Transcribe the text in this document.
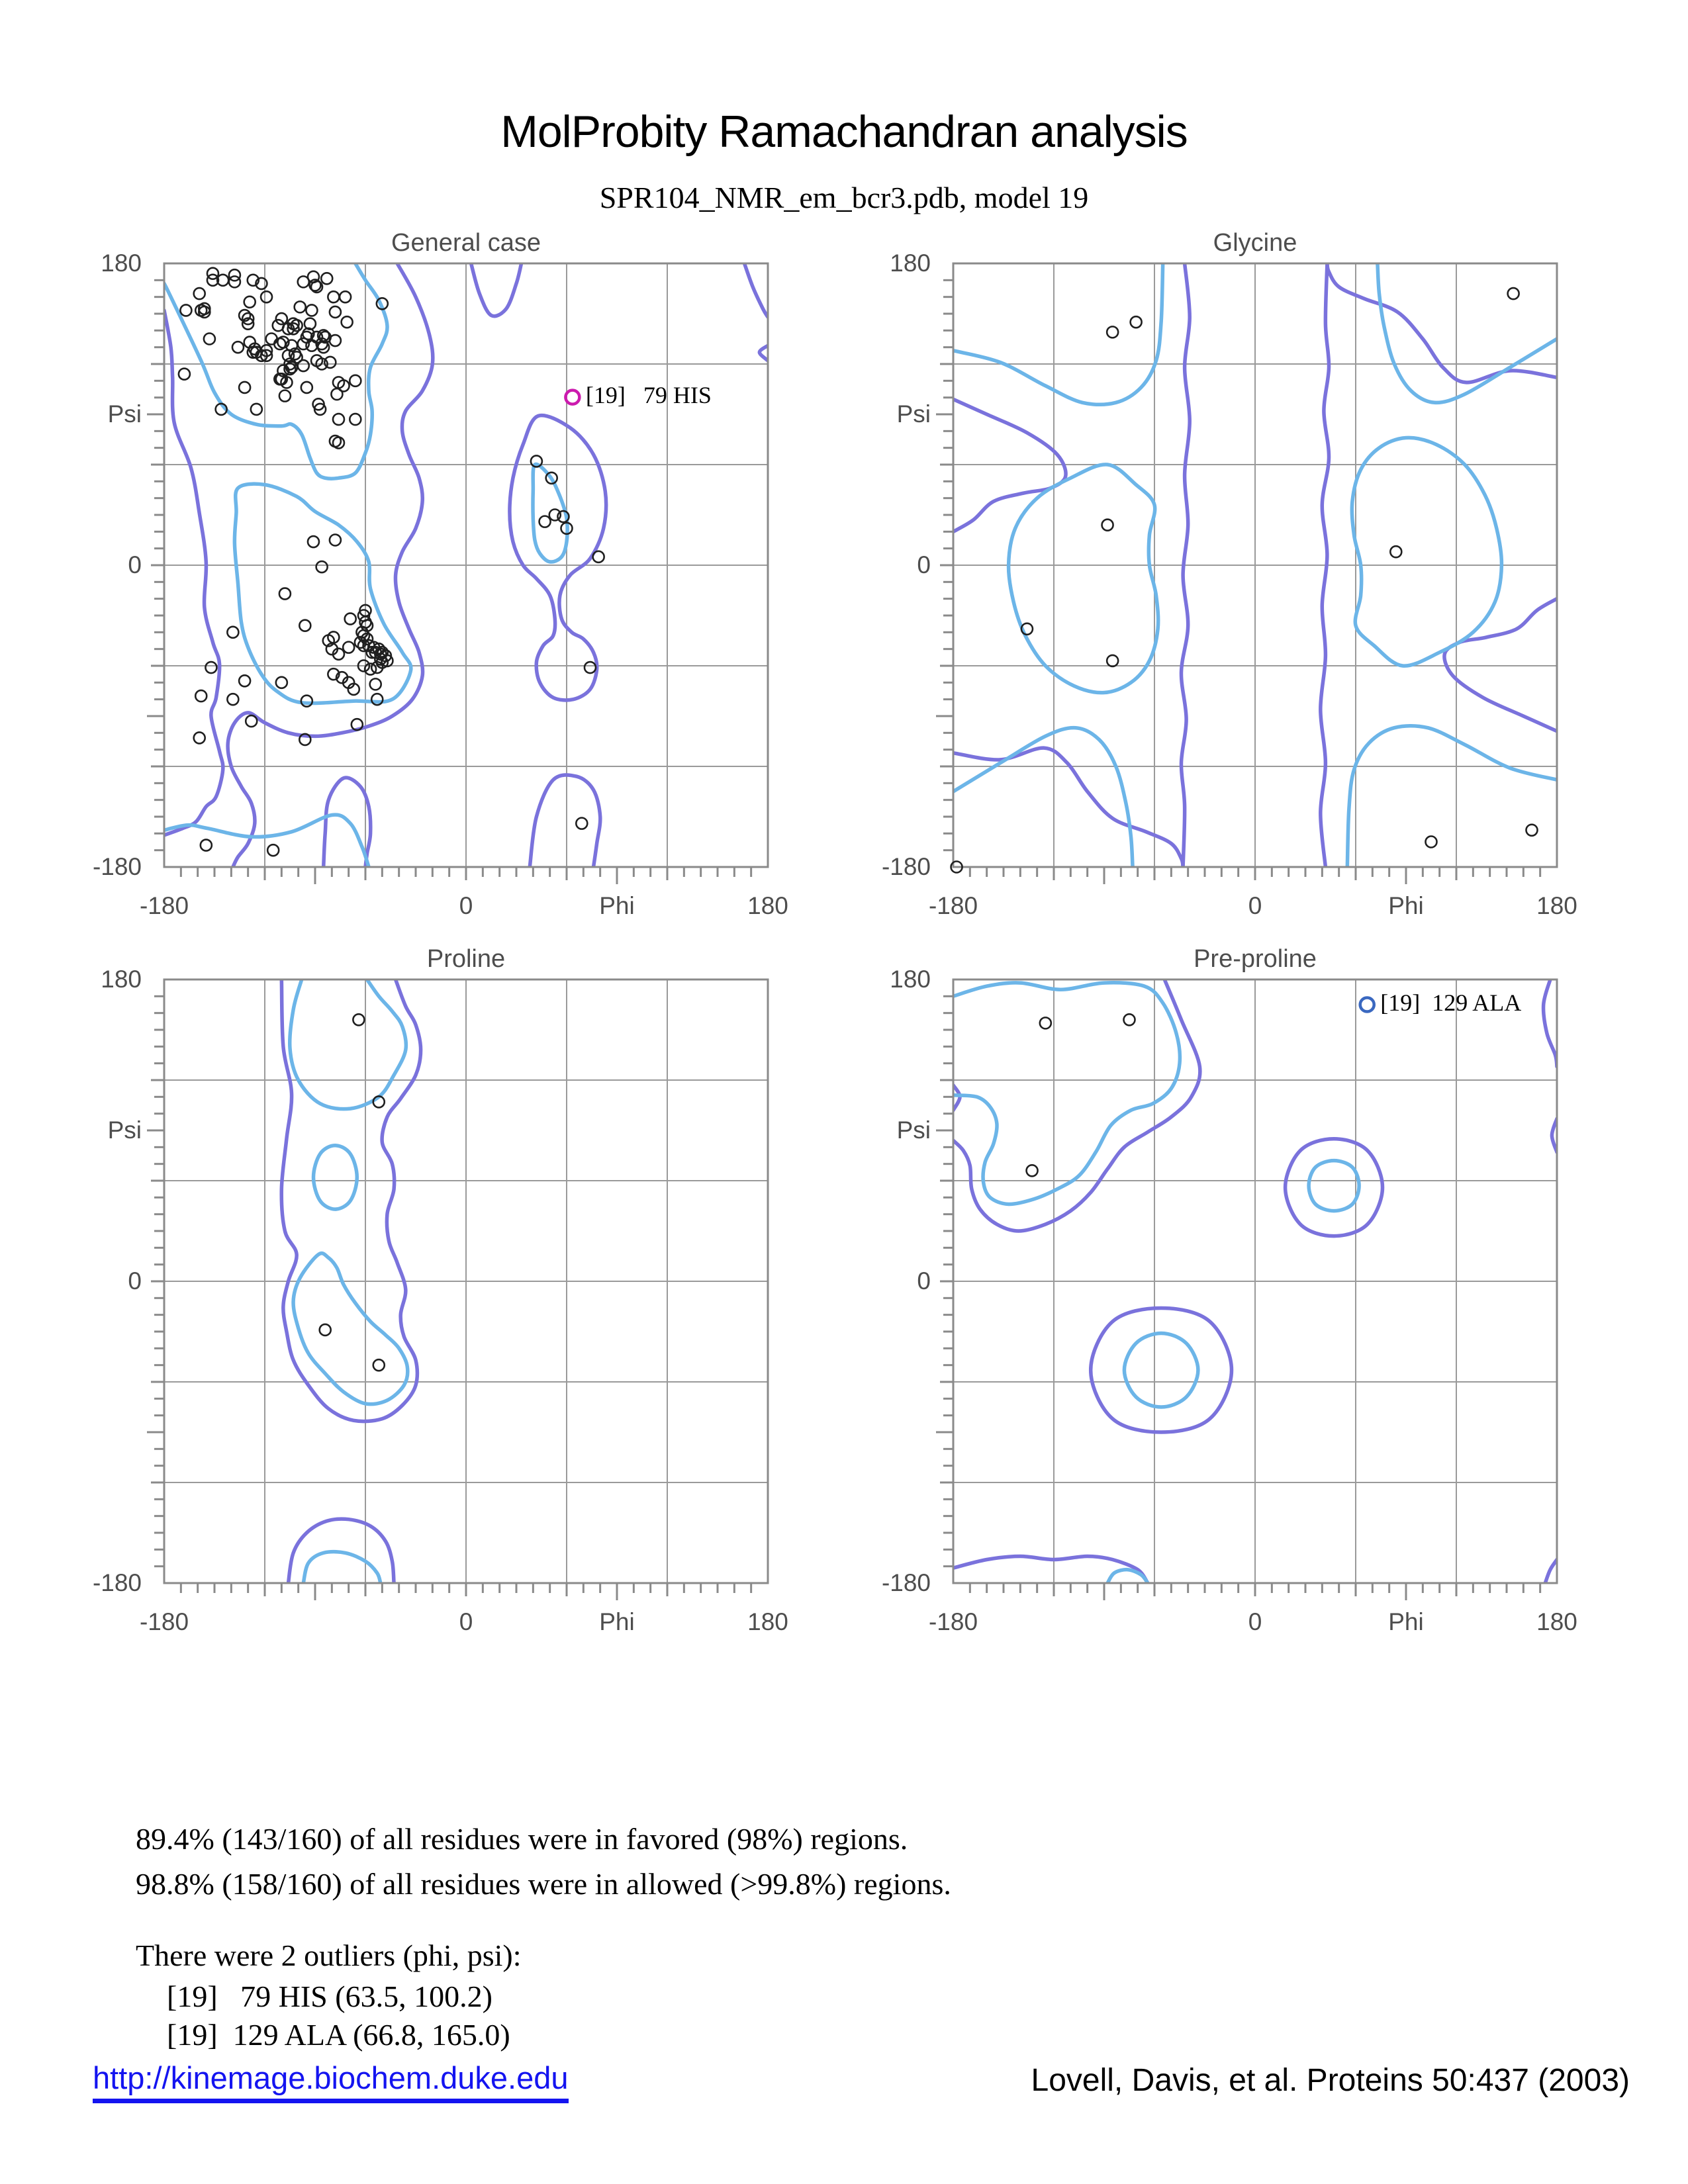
MolProbity Ramachandran analysis
SPR104_NMR_em_bcr3.pdb, model 19
General case
[19]   79 HIS
180
Psi
0
-180
-180	0	Phi	180
Glycine
180
Psi
0
-180
-180	0	Phi	180
Proline
180
Psi
0
-180
-180	0	Phi	180
Pre-proline
[19]  129 ALA
180
Psi
0
-180
-180	0	Phi	180
89.4% (143/160) of all residues were in favored (98%) regions.
98.8% (158/160) of all residues were in allowed (>99.8%) regions.
There were 2 outliers (phi, psi):
[19]   79 HIS (63.5, 100.2)
[19]  129 ALA (66.8, 165.0)
http://kinemage.biochem.duke.edu	Lovell, Davis, et al. Proteins 50:437 (2003)
